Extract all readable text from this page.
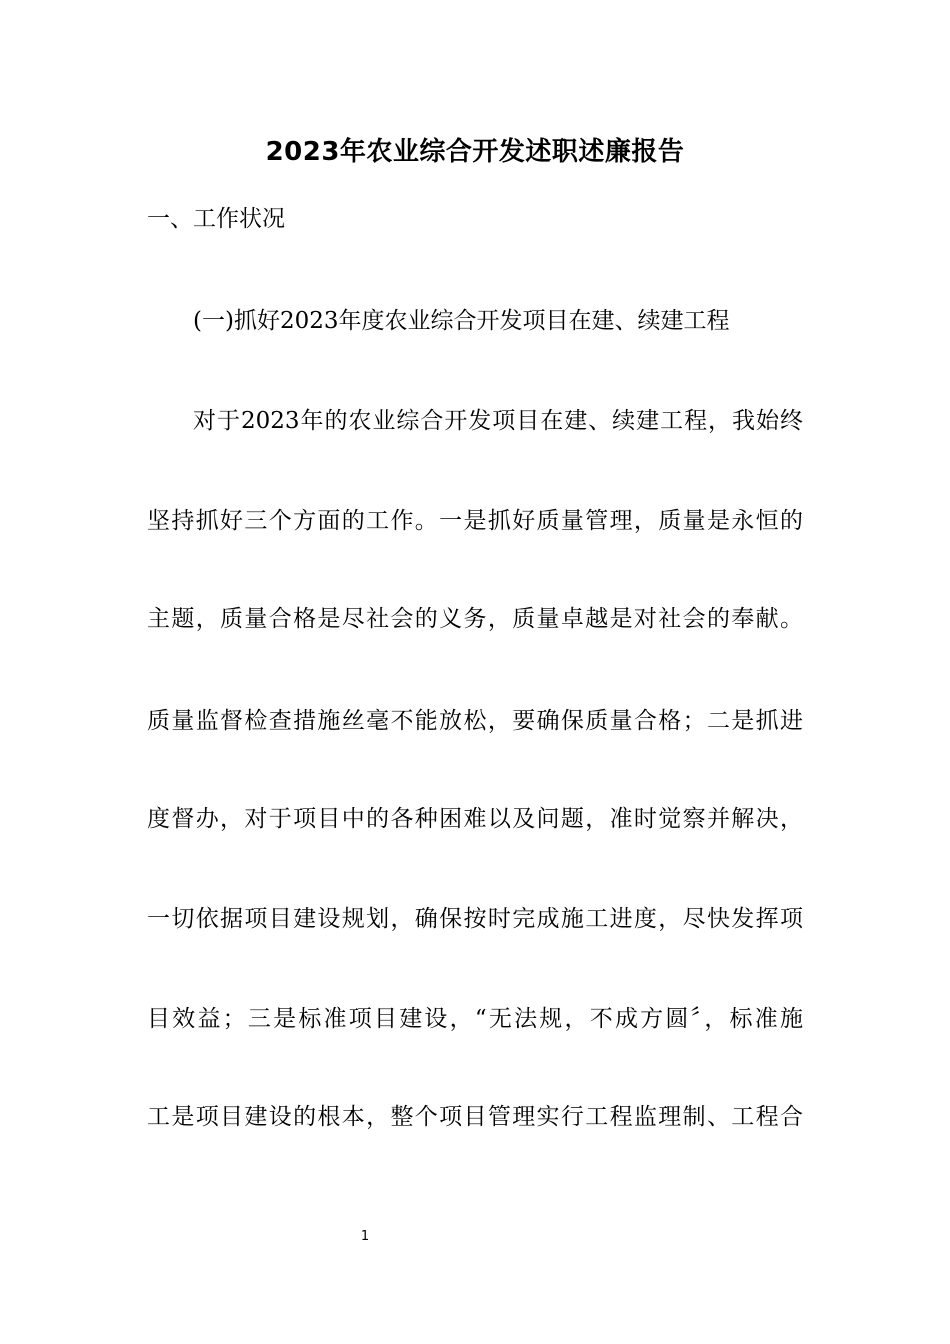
2023年农业综合开发述职述廉报告
一、工作状况
(一)抓好2023年度农业综合开发项目在建、续建工程
对于2023年的农业综合开发项目在建、续建工程，我始终
坚持抓好三个方面的工作。一是抓好质量管理，质量是永恒的
主题，质量合格是尽社会的义务，质量卓越是对社会的奉献。
质量监督检查措施丝毫不能放松，要确保质量合格；二是抓进
度督办，对于项目中的各种困难以及问题，准时觉察并解决，
一切依据项目建设规划，确保按时完成施工进度，尽快发挥项
目效益；三是标准项目建设，“无法规，不成方圆〞，标准施
工是项目建设的根本，整个项目管理实行工程监理制、工程合
1
